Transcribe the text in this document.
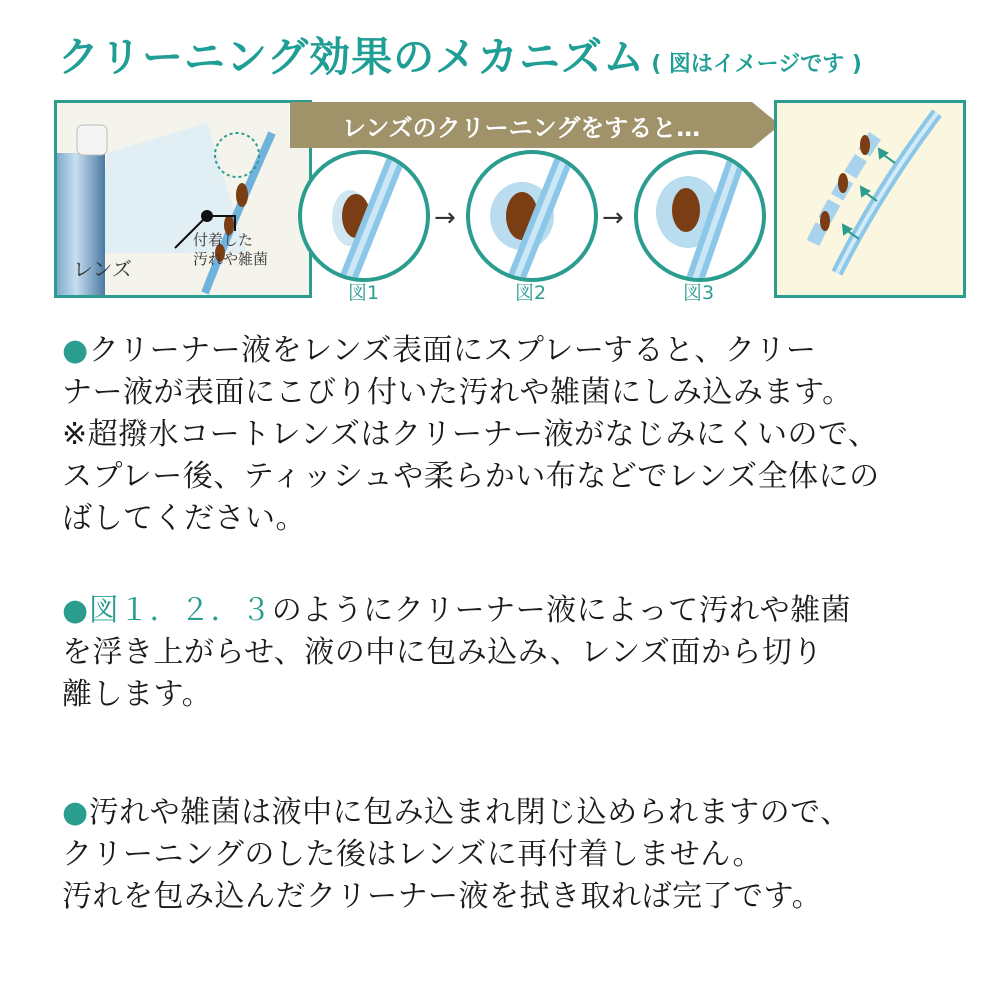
クリーニング効果のメカニズム ( 図はイメージです )
レンズ
付着した
汚れや雑菌
レンズのクリーニングをすると…
→	→
図1	図2	図3
●クリーナー液をレンズ表面にスプレーすると、クリー
ナー液が表面にこびり付いた汚れや雑菌にしみ込みます。
※超撥水コートレンズはクリーナー液がなじみにくいので、
スプレー後、ティッシュや柔らかい布などでレンズ全体にの
ばしてください。
●図１．２．３のようにクリーナー液によって汚れや雑菌
を浮き上がらせ、液の中に包み込み、レンズ面から切り
離します。
●汚れや雑菌は液中に包み込まれ閉じ込められますので、
クリーニングのした後はレンズに再付着しません。
汚れを包み込んだクリーナー液を拭き取れば完了です。
